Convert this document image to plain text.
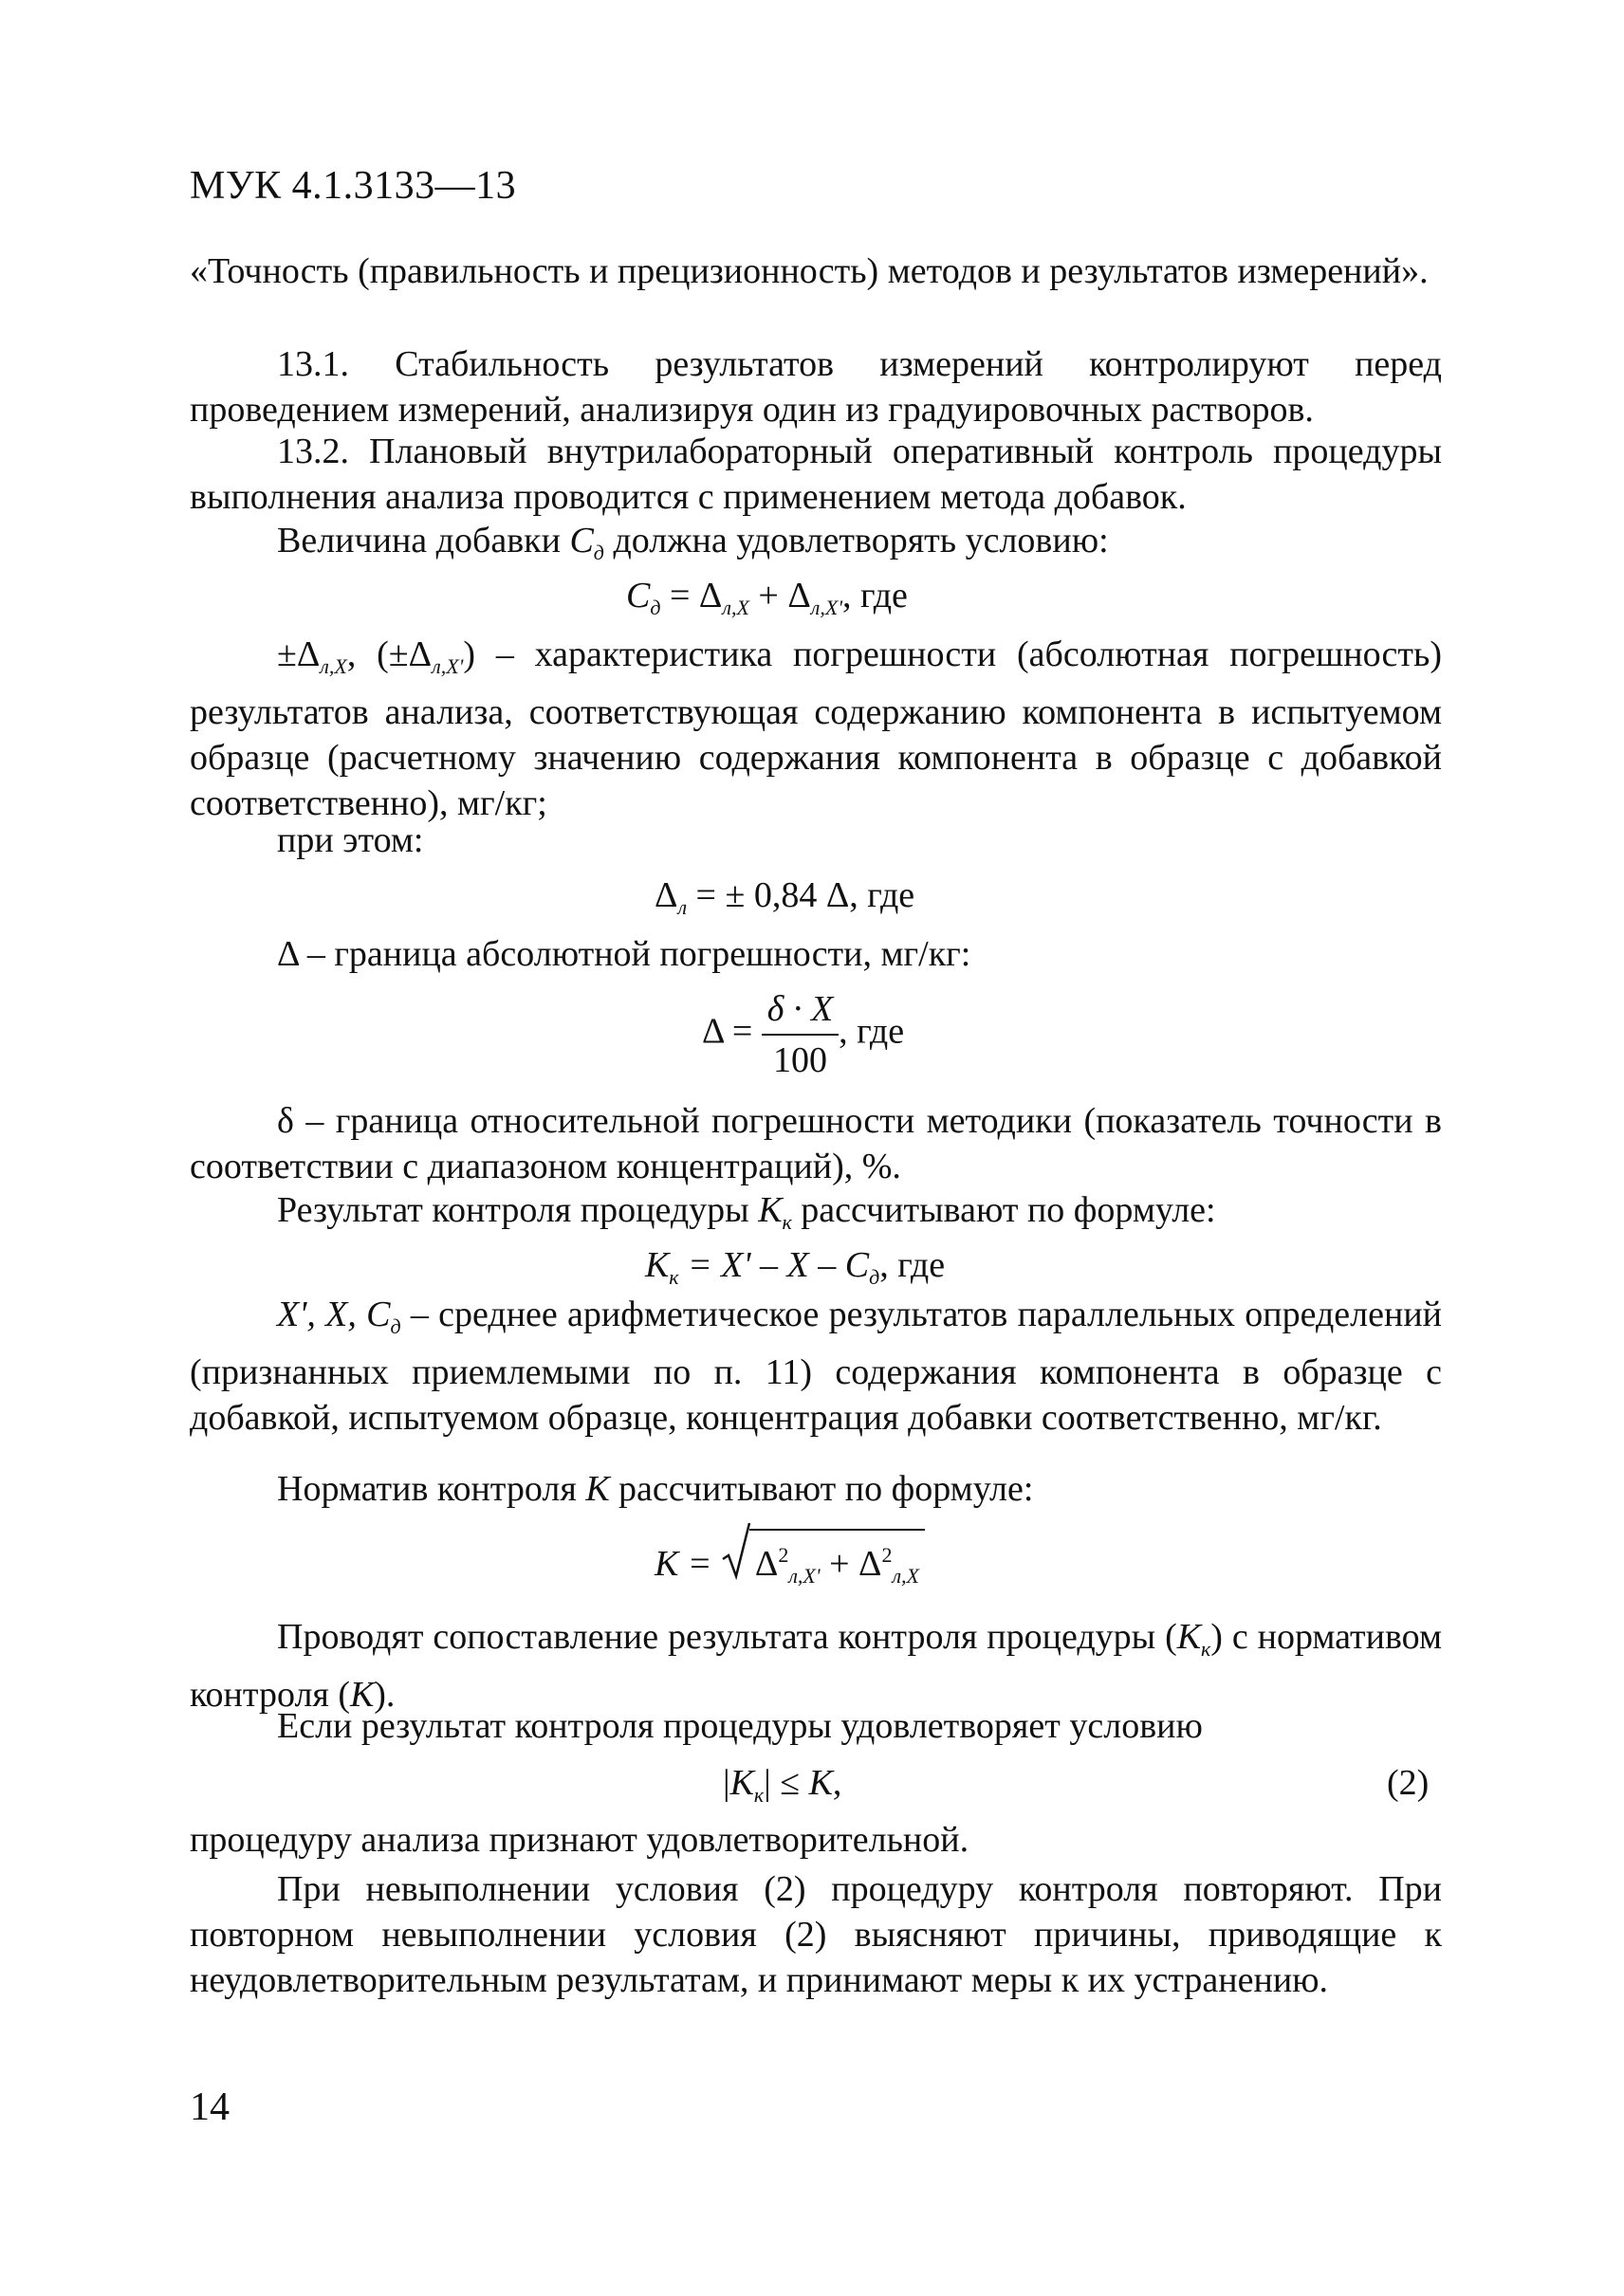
МУК 4.1.3133—13

«Точность (правильность и прецизионность) методов и результатов измерений».

13.1. Стабильность результатов измерений контролируют перед проведением измерений, анализируя один из градуировочных растворов.

13.2. Плановый внутрилабораторный оперативный контроль процедуры выполнения анализа проводится с применением метода добавок.

Величина добавки $C_д$ должна удовлетворять условию:
$C_д = \Delta_{л,X} + \Delta_{л,X'}$, где

$\pm\Delta_{л,X}$, $(\pm\Delta_{л,X'})$ – характеристика погрешности (абсолютная погрешность) результатов анализа, соответствующая содержанию компонента в испытуемом образце (расчетному значению содержания компонента в образце с добавкой соответственно), мг/кг;

при этом:
$\Delta_л$ = ± 0,84 Δ, где
Δ – граница абсолютной погрешности, мг/кг:
$\Delta = \frac{\delta \cdot X}{100}$ , где

δ – граница относительной погрешности методики (показатель точности в соответствии с диапазоном концентраций), %.

Результат контроля процедуры $К_к$ рассчитывают по формуле:
$К_к = X' - X - C_д$, где

X', X, $C_д$ – среднее арифметическое результатов параллельных определений (признанных приемлемыми по п. 11) содержания компонента в образце с добавкой, испытуемом образце, концентрация добавки соответственно, мг/кг.

Норматив контроля К рассчитывают по формуле:
К =
$\Delta^2_{л,X'} + \Delta^2_{л,X}$

Проводят сопоставление результата контроля процедуры $(К_к)$ с нормативом контроля (К).

Если результат контроля процедуры удовлетворяет условию
$|К_к| \le К$,	(2)
процедуру анализа признают удовлетворительной.

При невыполнении условия (2) процедуру контроля повторяют. При повторном невыполнении условия (2) выясняют причины, приводящие к неудовлетворительным результатам, и принимают меры к их устранению.

14
